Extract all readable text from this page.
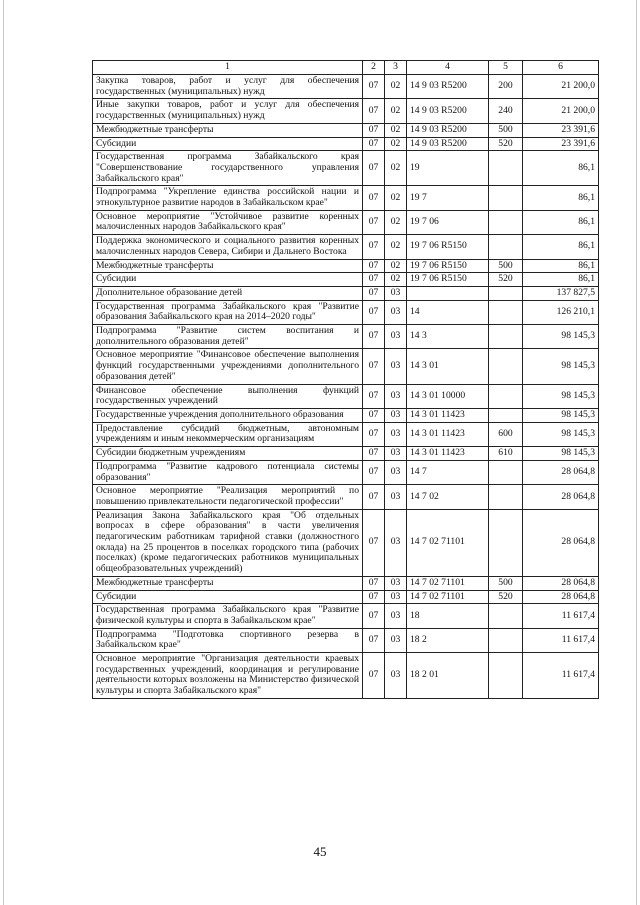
1	2	3	4	5	6
Закупка товаров, работ и услуг для обеспечения государственных (муниципальных) нужд	07	02	14 9 03 R5200	200	21 200,0
Иные закупки товаров, работ и услуг для обеспечения государственных (муниципальных) нужд	07	02	14 9 03 R5200	240	21 200,0
Межбюджетные трансферты	07	02	14 9 03 R5200	500	23 391,6
Субсидии	07	02	14 9 03 R5200	520	23 391,6
Государственная программа Забайкальского края "Совершенствование государственного управления Забайкальского края"	07	02	19		86,1
Подпрограмма "Укрепление единства российской нации и этнокультурное развитие народов в Забайкальском крае"	07	02	19 7		86,1
Основное мероприятие "Устойчивое развитие коренных малочисленных народов Забайкальского края"	07	02	19 7 06		86,1
Поддержка экономического и социального развития коренных малочисленных народов Севера, Сибири и Дальнего Востока	07	02	19 7 06 R5150		86,1
Межбюджетные трансферты	07	02	19 7 06 R5150	500	86,1
Субсидии	07	02	19 7 06 R5150	520	86,1
Дополнительное образование детей	07	03			137 827,5
Государственная программа Забайкальского края "Развитие образования Забайкальского края на 2014–2020 годы"	07	03	14		126 210,1
Подпрограмма "Развитие систем воспитания и дополнительного образования детей"	07	03	14 3		98 145,3
Основное мероприятие "Финансовое обеспечение выполнения функций государственными учреждениями дополнительного образования детей"	07	03	14 3 01		98 145,3
Финансовое обеспечение выполнения функций государственных учреждений	07	03	14 3 01 10000		98 145,3
Государственные учреждения дополнительного образования	07	03	14 3 01 11423		98 145,3
Предоставление субсидий бюджетным, автономным учреждениям и иным некоммерческим организациям	07	03	14 3 01 11423	600	98 145,3
Субсидии бюджетным учреждениям	07	03	14 3 01 11423	610	98 145,3
Подпрограмма "Развитие кадрового потенциала системы образования"	07	03	14 7		28 064,8
Основное мероприятие "Реализация мероприятий по повышению привлекательности педагогической профессии"	07	03	14 7 02		28 064,8
Реализация Закона Забайкальского края "Об отдельных вопросах в сфере образования" в части увеличения педагогическим работникам тарифной ставки (должностного оклада) на 25 процентов в поселках городского типа (рабочих поселках) (кроме педагогических работников муниципальных общеобразовательных учреждений)	07	03	14 7 02 71101		28 064,8
Межбюджетные трансферты	07	03	14 7 02 71101	500	28 064,8
Субсидии	07	03	14 7 02 71101	520	28 064,8
Государственная программа Забайкальского края "Развитие физической культуры и спорта в Забайкальском крае"	07	03	18		11 617,4
Подпрограмма "Подготовка спортивного резерва в Забайкальском крае"	07	03	18 2		11 617,4
Основное мероприятие "Организация деятельности краевых государственных учреждений, координация и регулирование деятельности которых возложены на Министерство физической культуры и спорта Забайкальского края"	07	03	18 2 01		11 617,4
45
